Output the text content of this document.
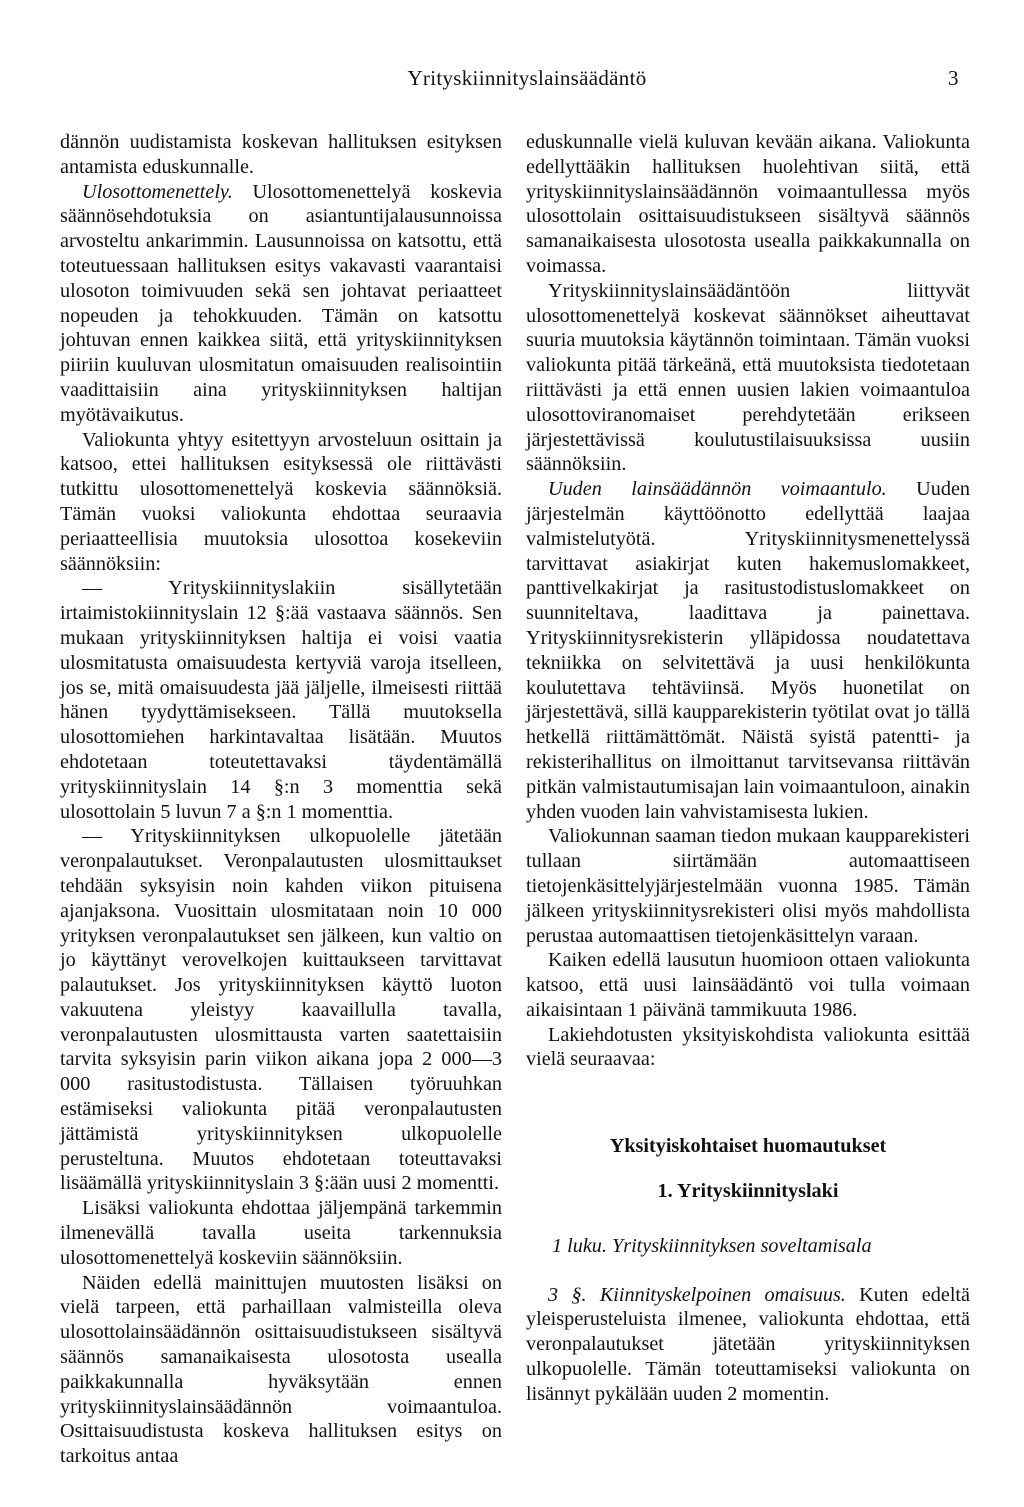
Yrityskiinnityslainsäädäntö	3

dännön uudistamista koskevan hallituksen esityksen antamista eduskunnalle.

Ulosottomenettely. Ulosottomenettelyä koskevia säännösehdotuksia on asiantuntijalausunnoissa arvosteltu ankarimmin. Lausunnoissa on katsottu, että toteutuessaan hallituksen esitys vakavasti vaarantaisi ulosoton toimivuuden sekä sen johtavat periaatteet nopeuden ja tehokkuuden. Tämän on katsottu johtuvan ennen kaikkea siitä, että yrityskiinnityksen piiriin kuuluvan ulosmitatun omaisuuden realisointiin vaadittaisiin aina yrityskiinnityksen haltijan myötävaikutus.

Valiokunta yhtyy esitettyyn arvosteluun osittain ja katsoo, ettei hallituksen esityksessä ole riittävästi tutkittu ulosottomenettelyä koskevia säännöksiä. Tämän vuoksi valiokunta ehdottaa seuraavia periaatteellisia muutoksia ulosottoa kosekeviin säännöksiin:

— Yrityskiinnityslakiin sisällytetään irtaimistokiinnityslain 12 §:ää vastaava säännös. Sen mukaan yrityskiinnityksen haltija ei voisi vaatia ulosmitatusta omaisuudesta kertyviä varoja itselleen, jos se, mitä omaisuudesta jää jäljelle, ilmeisesti riittää hänen tyydyttämisekseen. Tällä muutoksella ulosottomiehen harkintavaltaa lisätään. Muutos ehdotetaan toteutettavaksi täydentämällä yrityskiinnityslain 14 §:n 3 momenttia sekä ulosottolain 5 luvun 7 a §:n 1 momenttia.

— Yrityskiinnityksen ulkopuolelle jätetään veronpalautukset. Veronpalautusten ulosmittaukset tehdään syksyisin noin kahden viikon pituisena ajanjaksona. Vuosittain ulosmitataan noin 10 000 yrityksen veronpalautukset sen jälkeen, kun valtio on jo käyttänyt verovelkojen kuittaukseen tarvittavat palautukset. Jos yrityskiinnityksen käyttö luoton vakuutena yleistyy kaavaillulla tavalla, veronpalautusten ulosmittausta varten saatettaisiin tarvita syksyisin parin viikon aikana jopa 2 000—3 000 rasitustodistusta. Tällaisen työruuhkan estämiseksi valiokunta pitää veronpalautusten jättämistä yrityskiinnityksen ulkopuolelle perusteltuna. Muutos ehdotetaan toteuttavaksi lisäämällä yrityskiinnityslain 3 §:ään uusi 2 momentti.

Lisäksi valiokunta ehdottaa jäljempänä tarkemmin ilmenevällä tavalla useita tarkennuksia ulosottomenettelyä koskeviin säännöksiin.

Näiden edellä mainittujen muutosten lisäksi on vielä tarpeen, että parhaillaan valmisteilla oleva ulosottolainsäädännön osittaisuudistukseen sisältyvä säännös samanaikaisesta ulosotosta usealla paikkakunnalla hyväksytään ennen yrityskiinnityslainsäädännön voimaantuloa. Osittaisuudistusta koskeva hallituksen esitys on tarkoitus antaa

eduskunnalle vielä kuluvan kevään aikana. Valiokunta edellyttääkin hallituksen huolehtivan siitä, että yrityskiinnityslainsäädännön voimaantullessa myös ulosottolain osittaisuudistukseen sisältyvä säännös samanaikaisesta ulosotosta usealla paikkakunnalla on voimassa.

Yrityskiinnityslainsäädäntöön liittyvät ulosottomenettelyä koskevat säännökset aiheuttavat suuria muutoksia käytännön toimintaan. Tämän vuoksi valiokunta pitää tärkeänä, että muutoksista tiedotetaan riittävästi ja että ennen uusien lakien voimaantuloa ulosottoviranomaiset perehdytetään erikseen järjestettävissä koulutustilaisuuksissa uusiin säännöksiin.

Uuden lainsäädännön voimaantulo. Uuden järjestelmän käyttöönotto edellyttää laajaa valmistelutyötä. Yrityskiinnitysmenettelyssä tarvittavat asiakirjat kuten hakemuslomakkeet, panttivelkakirjat ja rasitustodistuslomakkeet on suunniteltava, laadittava ja painettava. Yrityskiinnitysrekisterin ylläpidossa noudatettava tekniikka on selvitettävä ja uusi henkilökunta koulutettava tehtäviinsä. Myös huonetilat on järjestettävä, sillä kaupparekisterin työtilat ovat jo tällä hetkellä riittämättömät. Näistä syistä patentti- ja rekisterihallitus on ilmoittanut tarvitsevansa riittävän pitkän valmistautumisajan lain voimaantuloon, ainakin yhden vuoden lain vahvistamisesta lukien.

Valiokunnan saaman tiedon mukaan kaupparekisteri tullaan siirtämään automaattiseen tietojenkäsittelyjärjestelmään vuonna 1985. Tämän jälkeen yrityskiinnitysrekisteri olisi myös mahdollista perustaa automaattisen tietojenkäsittelyn varaan.

Kaiken edellä lausutun huomioon ottaen valiokunta katsoo, että uusi lainsäädäntö voi tulla voimaan aikaisintaan 1 päivänä tammikuuta 1986.

Lakiehdotusten yksityiskohdista valiokunta esittää vielä seuraavaa:

Yksityiskohtaiset huomautukset

1. Yrityskiinnityslaki

1 luku. Yrityskiinnityksen soveltamisala

3 §. Kiinnityskelpoinen omaisuus. Kuten edeltä yleisperusteluista ilmenee, valiokunta ehdottaa, että veronpalautukset jätetään yrityskiinnityksen ulkopuolelle. Tämän toteuttamiseksi valiokunta on lisännyt pykälään uuden 2 momentin.
